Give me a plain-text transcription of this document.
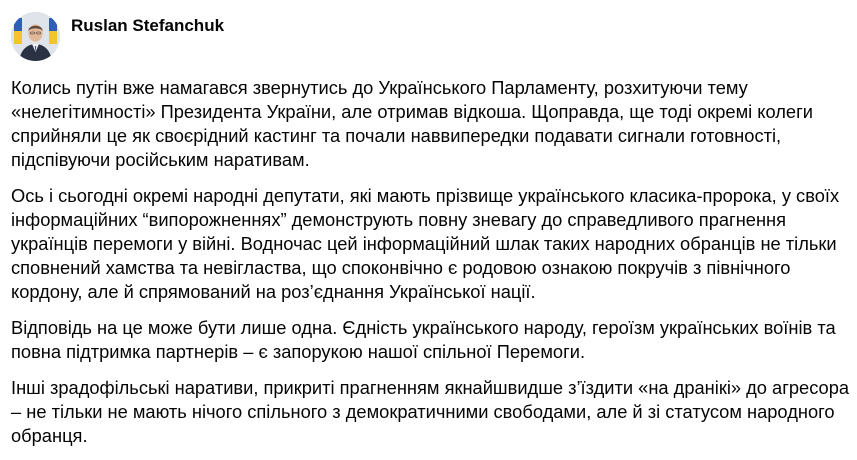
Ruslan Stefanchuk

Колись путін вже намагався звернутись до Українського Парламенту, розхитуючи тему «нелегітимності» Президента України, але отримав відкоша. Щоправда, ще тоді окремі колеги сприйняли це як своєрідний кастинг та почали наввипередки подавати сигнали готовності, підспівуючи російським наративам.

Ось і сьогодні окремі народні депутати, які мають прізвище українського класика-пророка, у своїх інформаційних “випорожненнях” демонструють повну зневагу до справедливого прагнення українців перемоги у війні. Водночас цей інформаційний шлак таких народних обранців не тільки сповнений хамства та невігластва, що споконвічно є родовою ознакою покручів з північного кордону, але й спрямований на роз’єднання Української нації.

Відповідь на це може бути лише одна. Єдність українського народу, героїзм українських воїнів та повна підтримка партнерів – є запорукою нашої спільної Перемоги.

Інші зрадофільські наративи, прикриті прагненням якнайшвидше з’їздити «на дранікі» до агресора – не тільки не мають нічого спільного з демократичними свободами, але й зі статусом народного обранця.
